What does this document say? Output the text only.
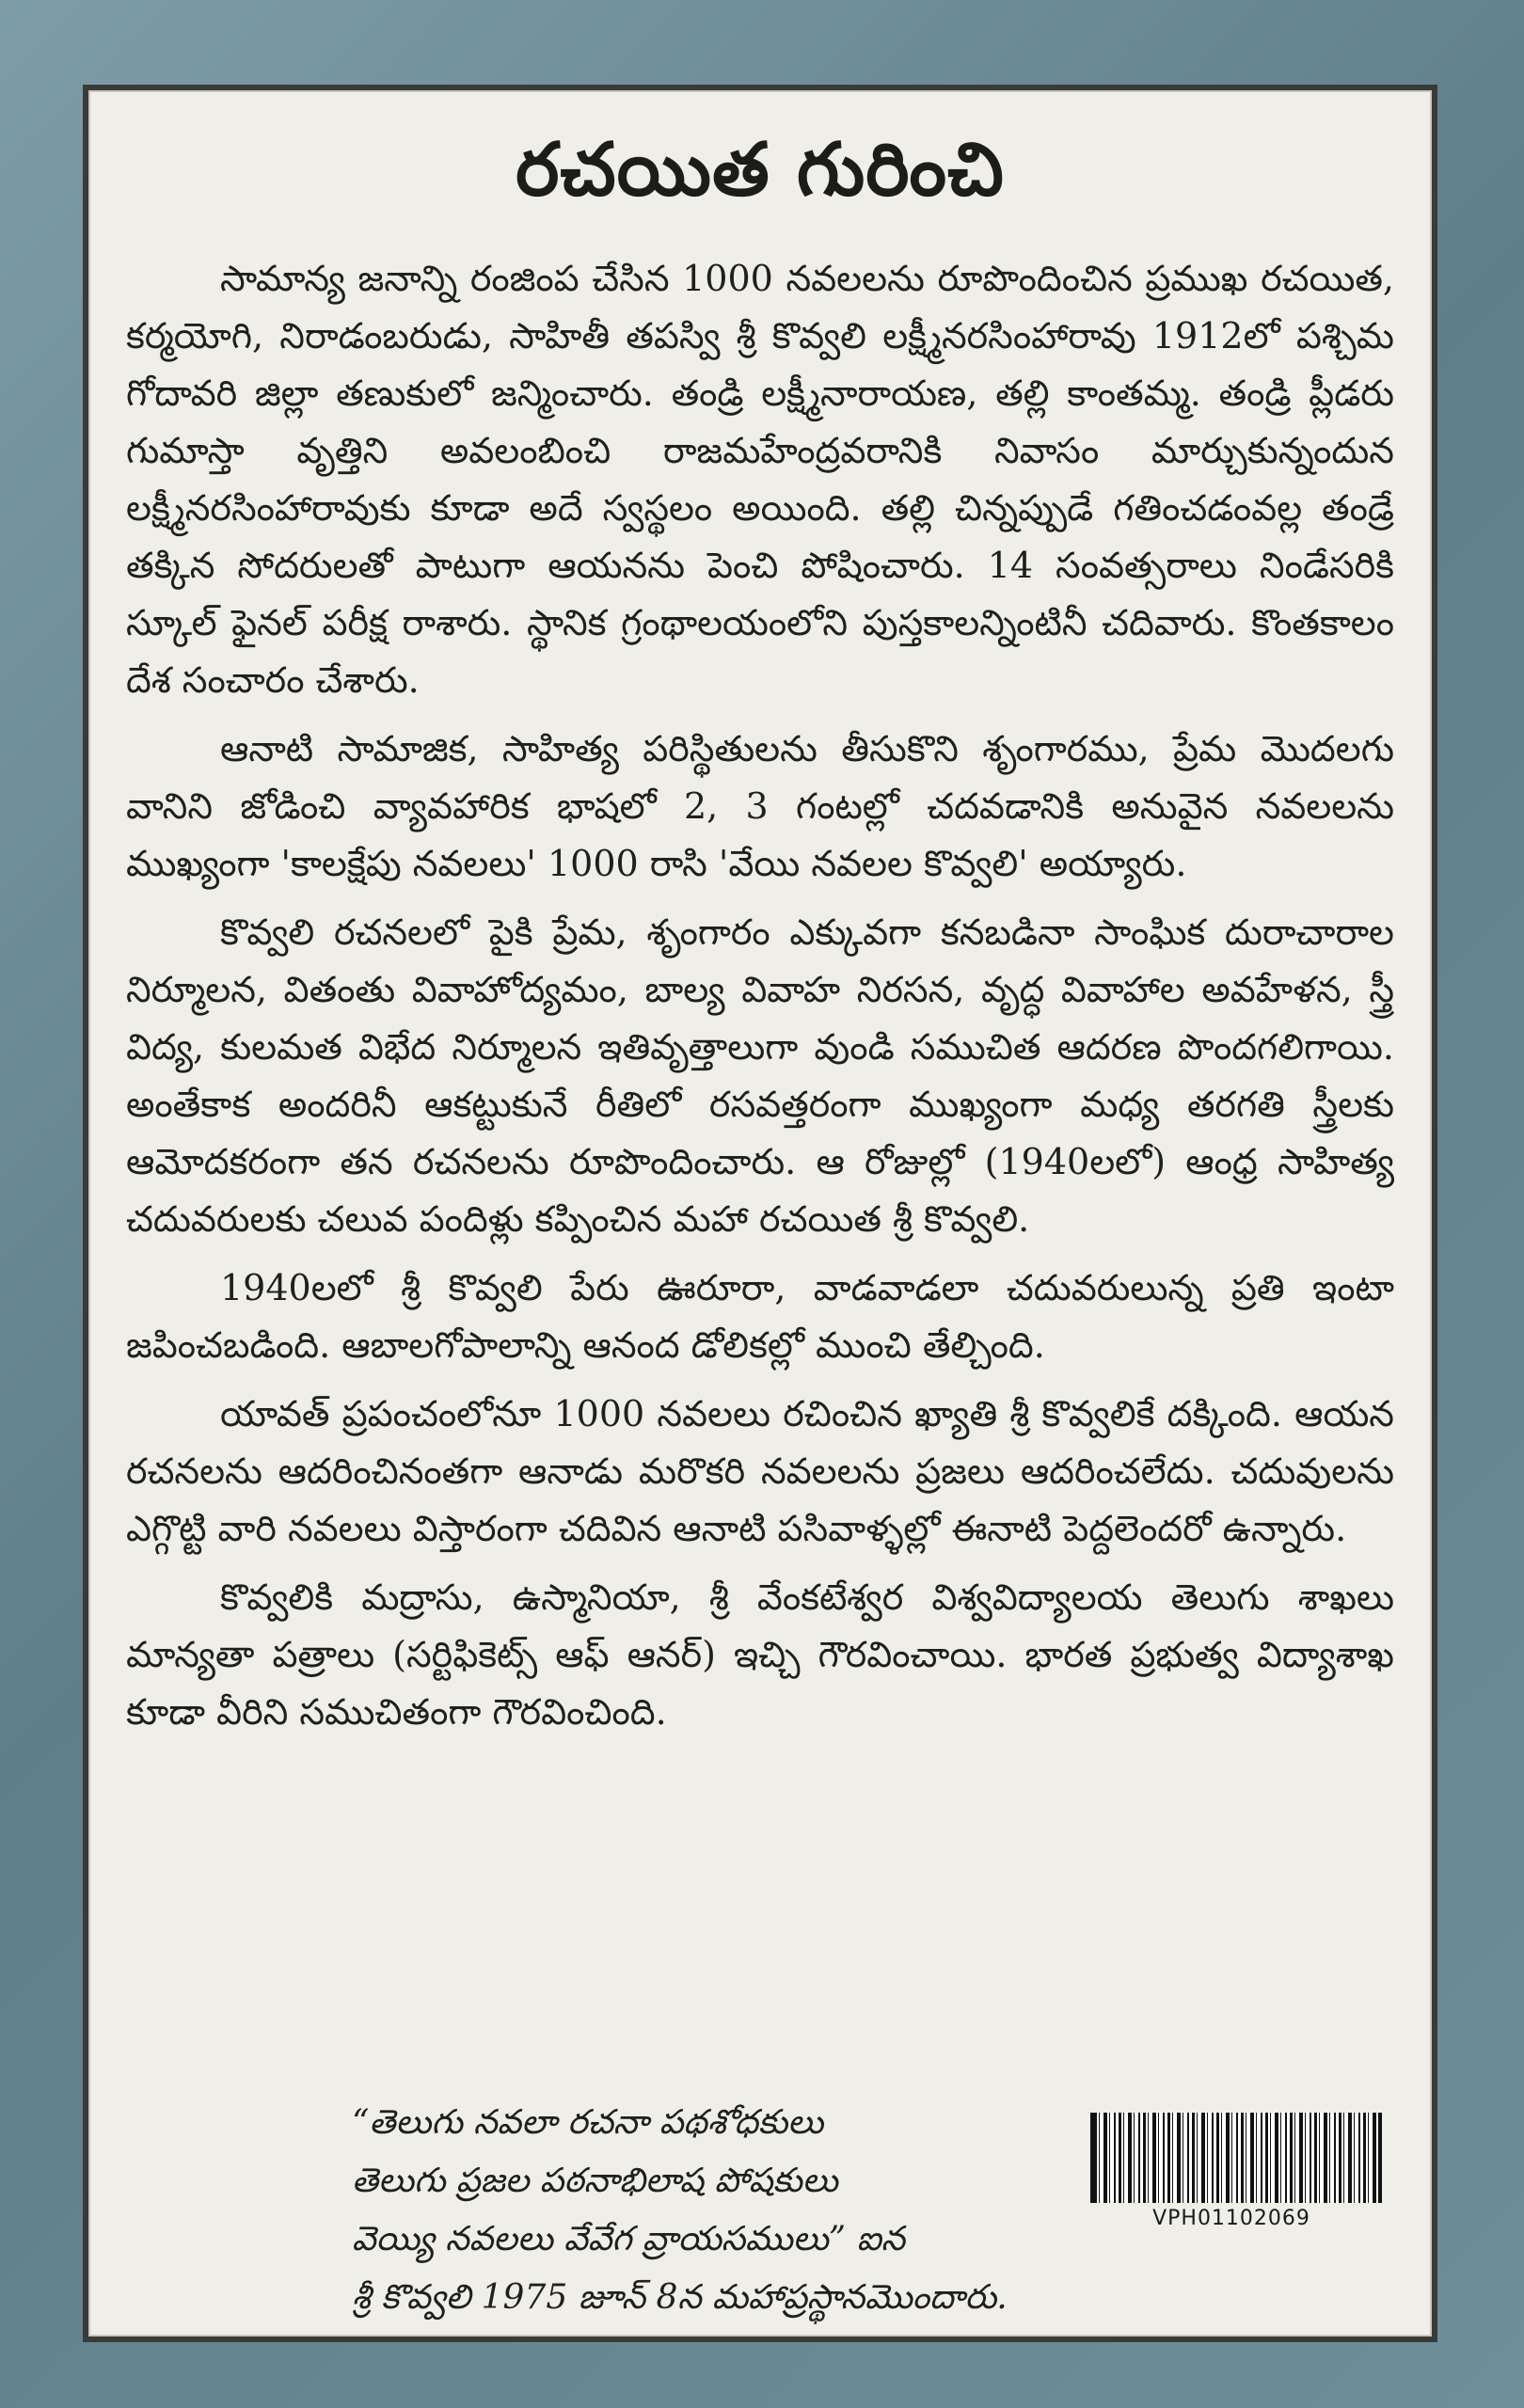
రచయిత గురించి

సామాన్య జనాన్ని రంజింప చేసిన 1000 నవలలను రూపొందించిన ప్రముఖ రచయిత, కర్మయోగి, నిరాడంబరుడు, సాహితీ తపస్వి శ్రీ కొవ్వలి లక్ష్మీనరసింహారావు 1912లో పశ్చిమ గోదావరి జిల్లా తణుకులో జన్మించారు. తండ్రి లక్ష్మీనారాయణ, తల్లి కాంతమ్మ. తండ్రి ప్లీడరు గుమాస్తా వృత్తిని అవలంబించి రాజమహేంద్రవరానికి నివాసం మార్చుకున్నందున లక్ష్మీనరసింహారావుకు కూడా అదే స్వస్థలం అయింది. తల్లి చిన్నప్పుడే గతించడంవల్ల తండ్రే తక్కిన సోదరులతో పాటుగా ఆయనను పెంచి పోషించారు. 14 సంవత్సరాలు నిండేసరికి స్కూల్ ఫైనల్ పరీక్ష రాశారు. స్థానిక గ్రంథాలయంలోని పుస్తకాలన్నింటినీ చదివారు. కొంతకాలం దేశ సంచారం చేశారు.

ఆనాటి సామాజిక, సాహిత్య పరిస్థితులను తీసుకొని శృంగారము, ప్రేమ మొదలగు వానిని జోడించి వ్యావహారిక భాషలో 2, 3 గంటల్లో చదవడానికి అనువైన నవలలను ముఖ్యంగా 'కాలక్షేపు నవలలు' 1000 రాసి 'వేయి నవలల కొవ్వలి' అయ్యారు.

కొవ్వలి రచనలలో పైకి ప్రేమ, శృంగారం ఎక్కువగా కనబడినా సాంఘిక దురాచారాల నిర్మూలన, వితంతు వివాహోద్యమం, బాల్య వివాహ నిరసన, వృద్ధ వివాహాల అవహేళన, స్త్రీ విద్య, కులమత విభేద నిర్మూలన ఇతివృత్తాలుగా వుండి సముచిత ఆదరణ పొందగలిగాయి. అంతేకాక అందరినీ ఆకట్టుకునే రీతిలో రసవత్తరంగా ముఖ్యంగా మధ్య తరగతి స్త్రీలకు ఆమోదకరంగా తన రచనలను రూపొందించారు. ఆ రోజుల్లో (1940లలో) ఆంధ్ర సాహిత్య చదువరులకు చలువ పందిళ్లు కప్పించిన మహా రచయిత శ్రీ కొవ్వలి.

1940లలో శ్రీ కొవ్వలి పేరు ఊరూరా, వాడవాడలా చదువరులున్న ప్రతి ఇంటా జపించబడింది. ఆబాలగోపాలాన్ని ఆనంద డోలికల్లో ముంచి తేల్చింది.

యావత్ ప్రపంచంలోనూ 1000 నవలలు రచించిన ఖ్యాతి శ్రీ కొవ్వలికే దక్కింది. ఆయన రచనలను ఆదరించినంతగా ఆనాడు మరొకరి నవలలను ప్రజలు ఆదరించలేదు. చదువులను ఎగ్గొట్టి వారి నవలలు విస్తారంగా చదివిన ఆనాటి పసివాళ్ళల్లో ఈనాటి పెద్దలెందరో ఉన్నారు.

కొవ్వలికి మద్రాసు, ఉస్మానియా, శ్రీ వేంకటేశ్వర విశ్వవిద్యాలయ తెలుగు శాఖలు మాన్యతా పత్రాలు (సర్టిఫికెట్స్ ఆఫ్ ఆనర్) ఇచ్చి గౌరవించాయి. భారత ప్రభుత్వ విద్యాశాఖ కూడా వీరిని సముచితంగా గౌరవించింది.

“తెలుగు నవలా రచనా పథశోధకులు
తెలుగు ప్రజల పఠనాభిలాష పోషకులు
వెయ్యి నవలలు వేవేగ వ్రాయసములు” ఐన
శ్రీ కొవ్వలి 1975 జూన్ 8న మహాప్రస్థానమొందారు.
VPH01102069
